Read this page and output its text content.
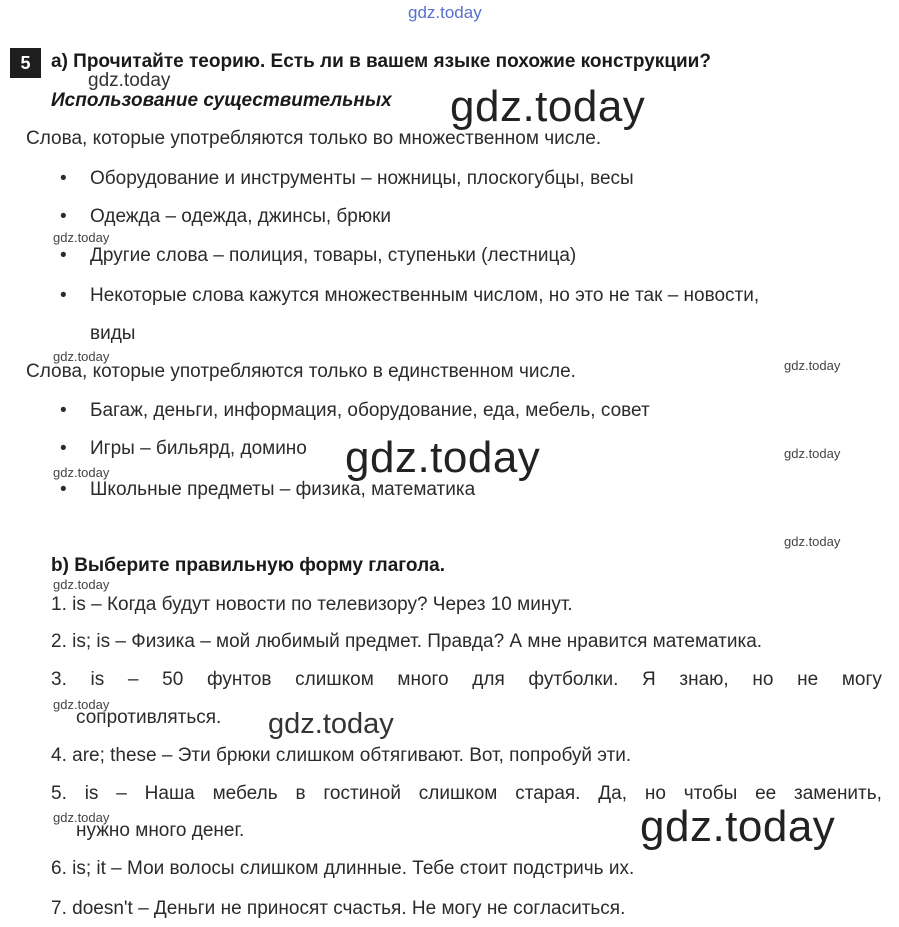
gdz.today
gdz.today
gdz.today
gdz.today
gdz.today
gdz.today
gdz.today	gdz.today
gdz.today
gdz.today
gdz.today
gdz.today
gdz.today
gdz.today	gdz.today
5	a) Прочитайте теорию. Есть ли в вашем языке похожие конструкции?
Использование существительных
Слова, которые употребляются только во множественном числе.
• Оборудование и инструменты – ножницы, плоскогубцы, весы
• Одежда – одежда, джинсы, брюки
• Другие слова – полиция, товары, ступеньки (лестница)
• Некоторые слова кажутся множественным числом, но это не так – новости,
виды
Слова, которые употребляются только в единственном числе.
• Багаж, деньги, информация, оборудование, еда, мебель, совет
• Игры – бильярд, домино
• Школьные предметы – физика, математика
b) Выберите правильную форму глагола.
1. is – Когда будут новости по телевизору? Через 10 минут.
2. is; is – Физика – мой любимый предмет. Правда? А мне нравится математика.
3. is – 50 фунтов слишком много для футболки. Я знаю, но не могу
сопротивляться.
4. are; these – Эти брюки слишком обтягивают. Вот, попробуй эти.
5. is – Наша мебель в гостиной слишком старая. Да, но чтобы ее заменить,
нужно много денег.
6. is; it – Мои волосы слишком длинные. Тебе стоит подстричь их.
7. doesn't – Деньги не приносят счастья. Не могу не согласиться.
